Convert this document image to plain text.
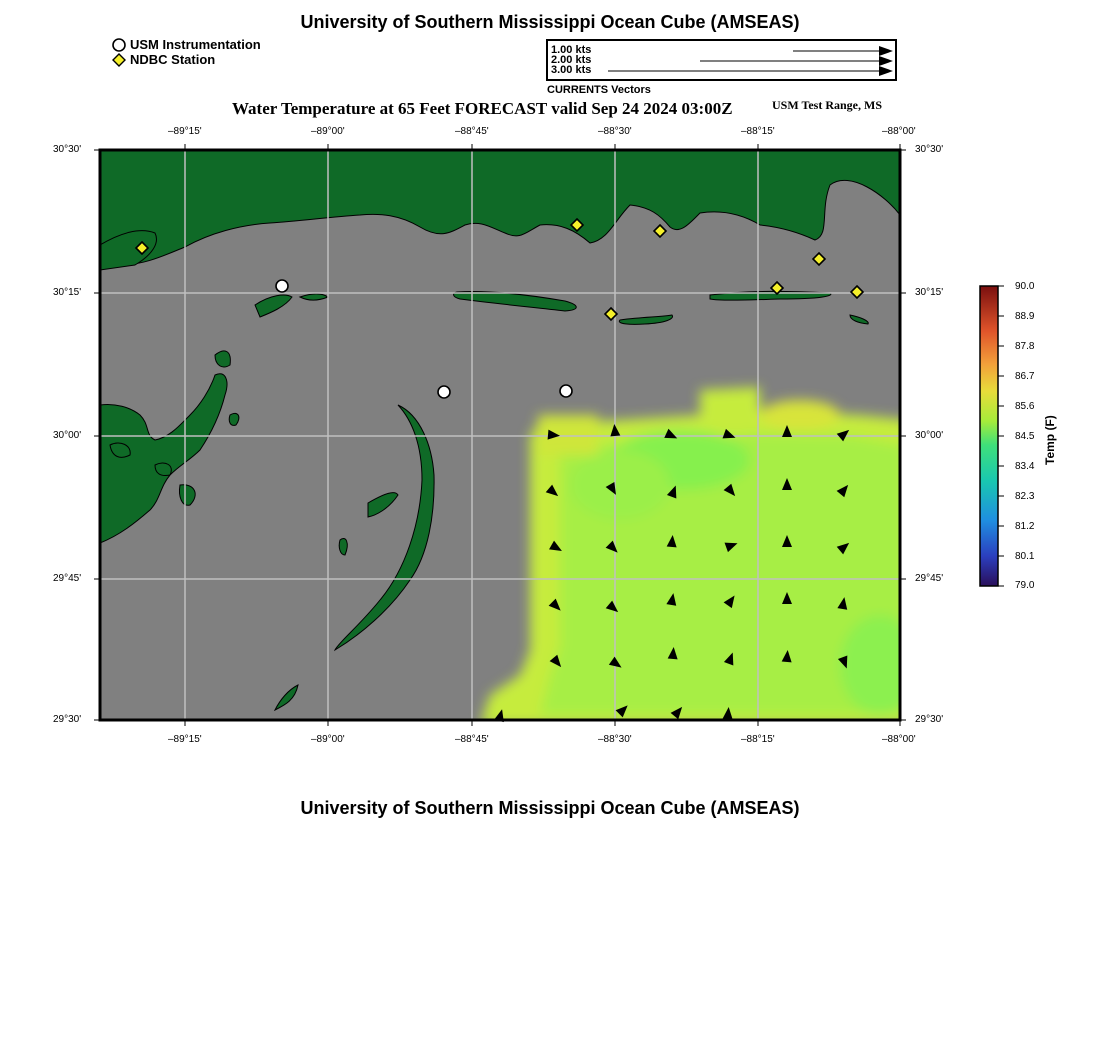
University of Southern Mississippi Ocean Cube (AMSEAS)
USM Instrumentation
NDBC Station
1.00 kts
2.00 kts
3.00 kts
CURRENTS Vectors
Water Temperature at 65 Feet FORECAST valid Sep 24 2024 03:00Z	USM Test Range, MS
–89°15'	–89°00'	–88°45'	–88°30'	–88°15'	–88°00'
–89°15'	–89°00'	–88°45'	–88°30'	–88°15'	–88°00'
30°30'
30°15'
30°00'
29°45'
29°30'
30°30'
30°15'
30°00'
29°45'
29°30'
90.0
88.9
87.8
86.7
85.6
84.5
83.4
82.3
81.2
80.1
79.0
Temp (F)
University of Southern Mississippi Ocean Cube (AMSEAS)
